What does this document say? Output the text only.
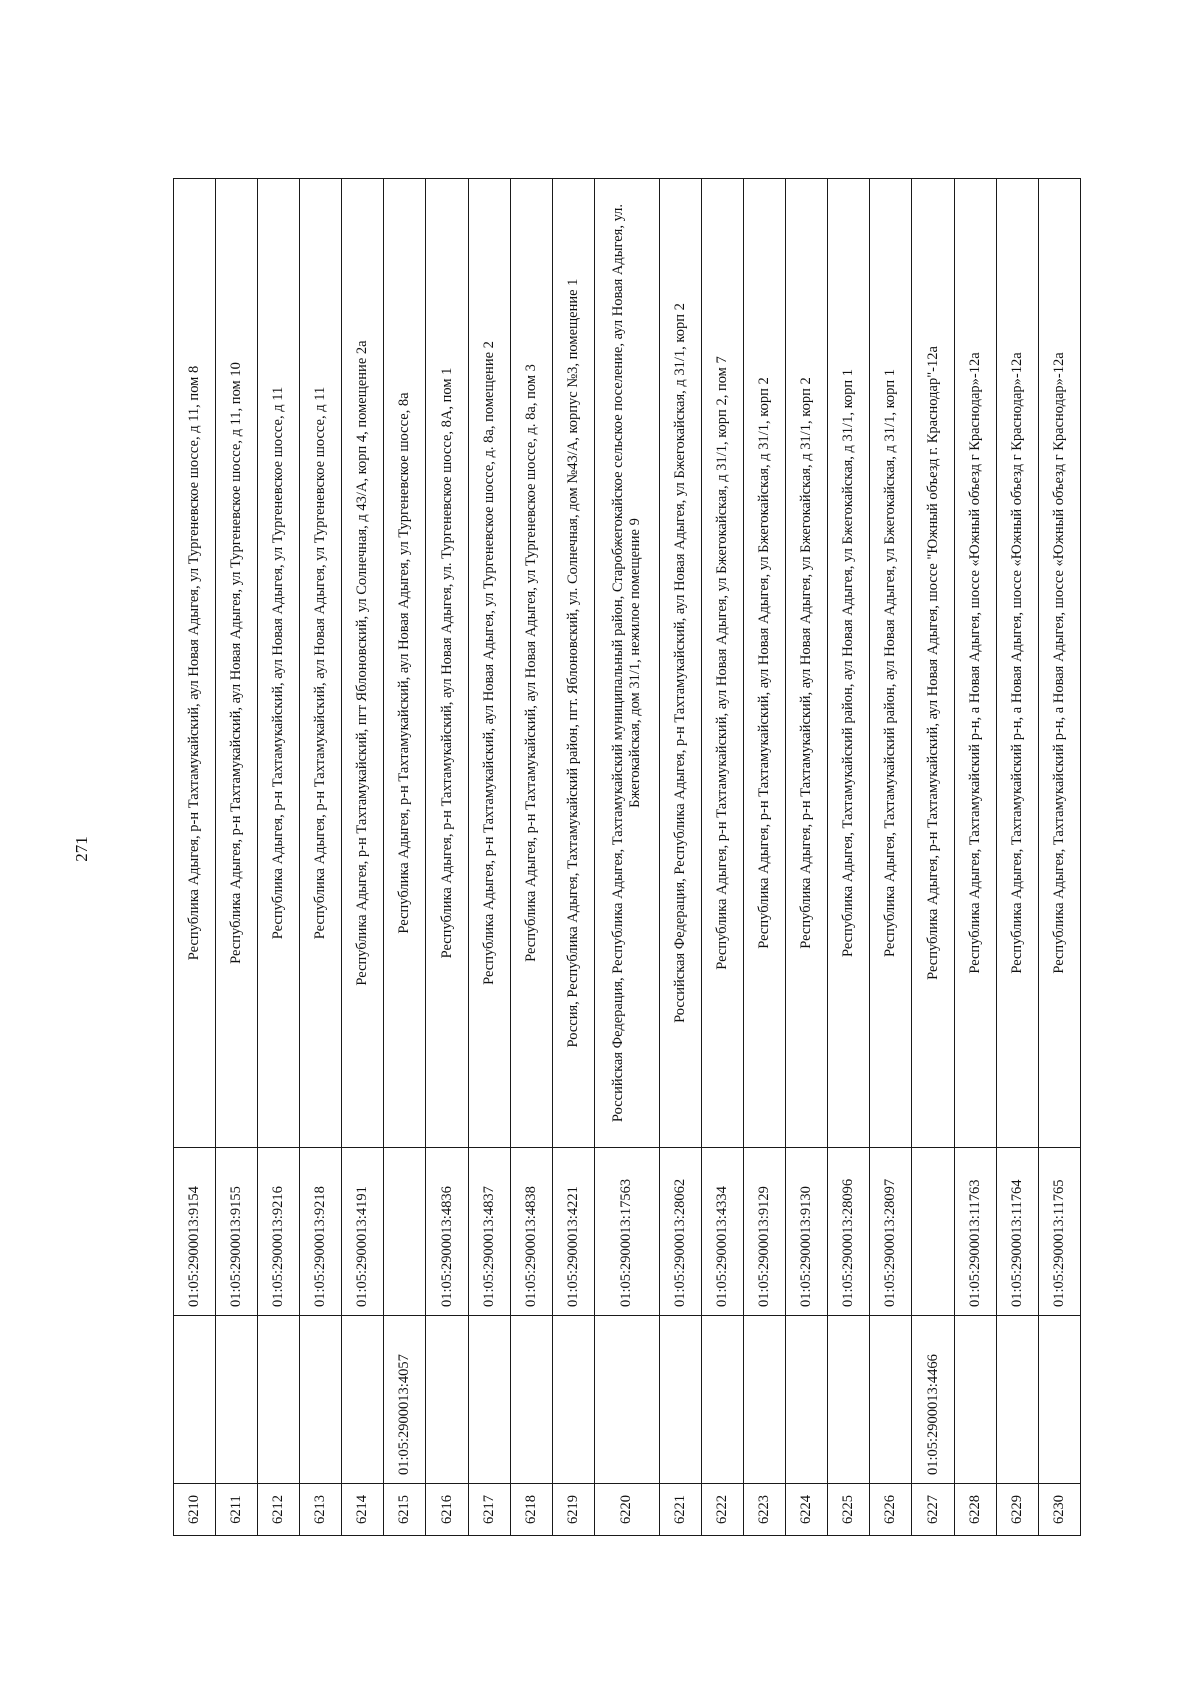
271
6210		01:05:2900013:9154	Республика Адыгея, р-н Тахтамукайский, аул Новая Адыгея, ул Тургеневское шоссе, д 11, пом 8
6211		01:05:2900013:9155	Республика Адыгея, р-н Тахтамукайский, аул Новая Адыгея, ул Тургеневское шоссе, д 11, пом 10
6212		01:05:2900013:9216	Республика Адыгея, р-н Тахтамукайский, аул Новая Адыгея, ул Тургеневское шоссе, д 11
6213		01:05:2900013:9218	Республика Адыгея, р-н Тахтамукайский, аул Новая Адыгея, ул Тургеневское шоссе, д 11
6214		01:05:2900013:4191	Республика Адыгея, р-н Тахтамукайский, пгт Яблоновский, ул Солнечная, д 43/А, корп 4, помещение 2а
6215	01:05:2900013:4057		Республика Адыгея, р-н Тахтамукайский, аул Новая Адыгея, ул Тургеневское шоссе, 8а
6216		01:05:2900013:4836	Республика Адыгея, р-н Тахтамукайский, аул Новая Адыгея, ул. Тургеневское шоссе, 8А, пом 1
6217		01:05:2900013:4837	Республика Адыгея, р-н Тахтамукайский, аул Новая Адыгея, ул Тургеневское шоссе, д. 8а, помещение 2
6218		01:05:2900013:4838	Республика Адыгея, р-н Тахтамукайский, аул Новая Адыгея, ул Тургеневское шоссе, д. 8а, пом 3
6219		01:05:2900013:4221	Россия, Республика Адыгея, Тахтамукайский район, пгт. Яблоновский, ул. Солнечная, дом №43/А, корпус №3, помещение 1
6220		01:05:2900013:17563	Российская Федерация, Республика Адыгея, Тахтамукайский муниципальный район, Старобжегокайское сельское поселение, аул Новая Адыгея, ул. Бжегокайская, дом 31/1, нежилое помещение 9
6221		01:05:2900013:28062	Российская Федерация, Республика Адыгея, р-н Тахтамукайский, аул Новая Адыгея, ул Бжегокайская, д 31/1, корп 2
6222		01:05:2900013:4334	Республика Адыгея, р-н Тахтамукайский, аул Новая Адыгея, ул Бжегокайская, д 31/1, корп 2, пом 7
6223		01:05:2900013:9129	Республика Адыгея, р-н Тахтамукайский, аул Новая Адыгея, ул Бжегокайская, д 31/1, корп 2
6224		01:05:2900013:9130	Республика Адыгея, р-н Тахтамукайский, аул Новая Адыгея, ул Бжегокайская, д 31/1, корп 2
6225		01:05:2900013:28096	Республика Адыгея, Тахтамукайский район, аул Новая Адыгея, ул Бжегокайская, д 31/1, корп 1
6226		01:05:2900013:28097	Республика Адыгея, Тахтамукайский район, аул Новая Адыгея, ул Бжегокайская, д 31/1, корп 1
6227	01:05:2900013:4466		Республика Адыгея, р-н Тахтамукайский, аул Новая Адыгея, шоссе "Южный объезд г. Краснодар"-12а
6228		01:05:2900013:11763	Республика Адыгея, Тахтамукайский р-н, а Новая Адыгея, шоссе «Южный объезд г Краснодар»-12а
6229		01:05:2900013:11764	Республика Адыгея, Тахтамукайский р-н, а Новая Адыгея, шоссе «Южный объезд г Краснодар»-12а
6230		01:05:2900013:11765	Республика Адыгея, Тахтамукайский р-н, а Новая Адыгея, шоссе «Южный объезд г Краснодар»-12а
